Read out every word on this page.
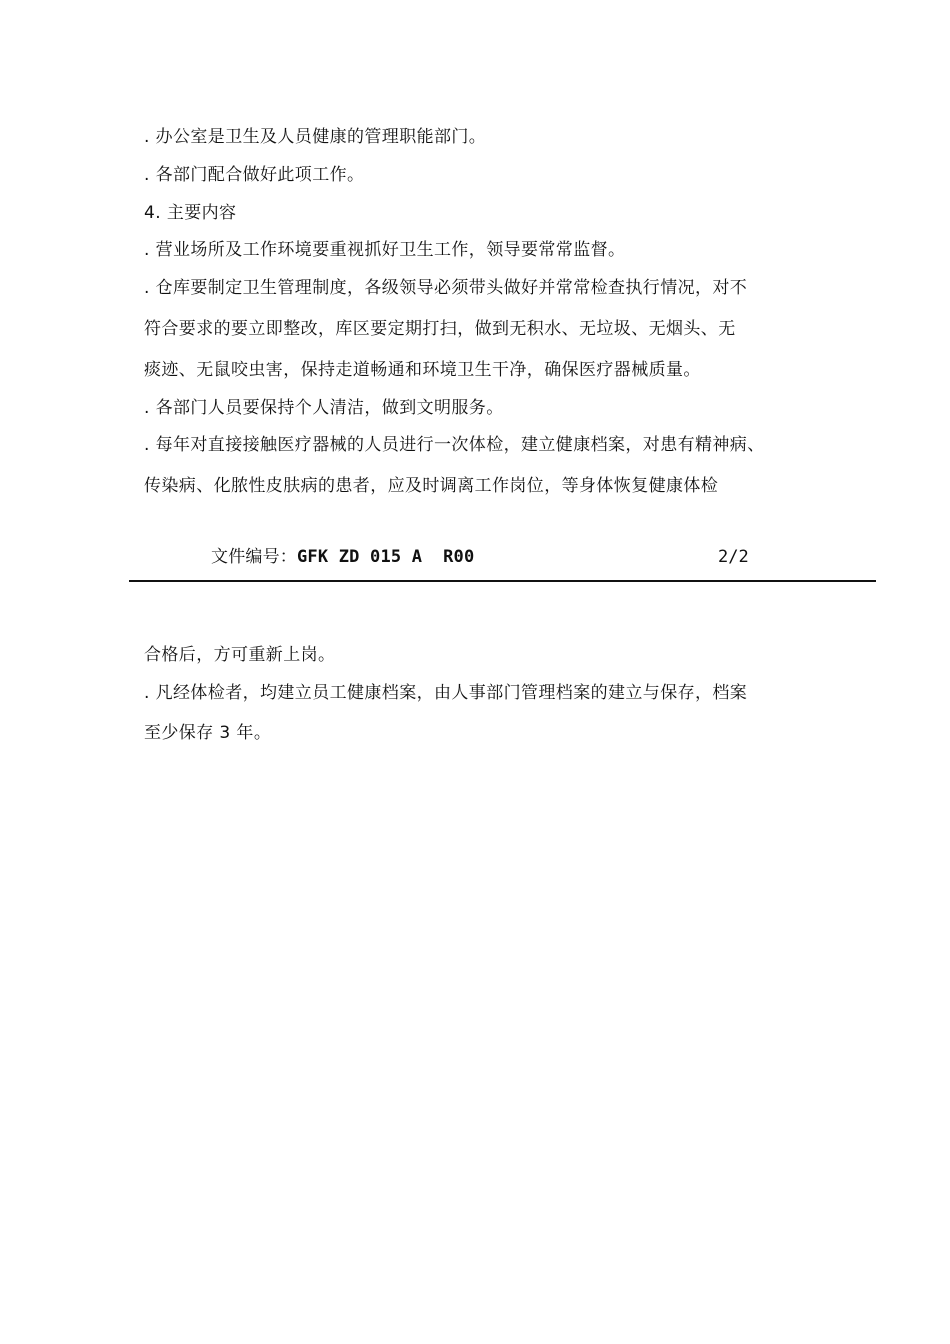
. 办公室是卫生及人员健康的管理职能部门。
. 各部门配合做好此项工作。
4. 主要内容
. 营业场所及工作环境要重视抓好卫生工作，领导要常常监督。
. 仓库要制定卫生管理制度，各级领导必须带头做好并常常检查执行情况，对不
符合要求的要立即整改，库区要定期打扫，做到无积水、无垃圾、无烟头、无
痰迹、无鼠咬虫害，保持走道畅通和环境卫生干净，确保医疗器械质量。
. 各部门人员要保持个人清洁，做到文明服务。
. 每年对直接接触医疗器械的人员进行一次体检，建立健康档案，对患有精神病、
传染病、化脓性皮肤病的患者，应及时调离工作岗位，等身体恢复健康体检
文件编号：GFK ZD 015 A  R00	2/2
合格后，方可重新上岗。
. 凡经体检者，均建立员工健康档案，由人事部门管理档案的建立与保存，档案
至少保存 3 年。
